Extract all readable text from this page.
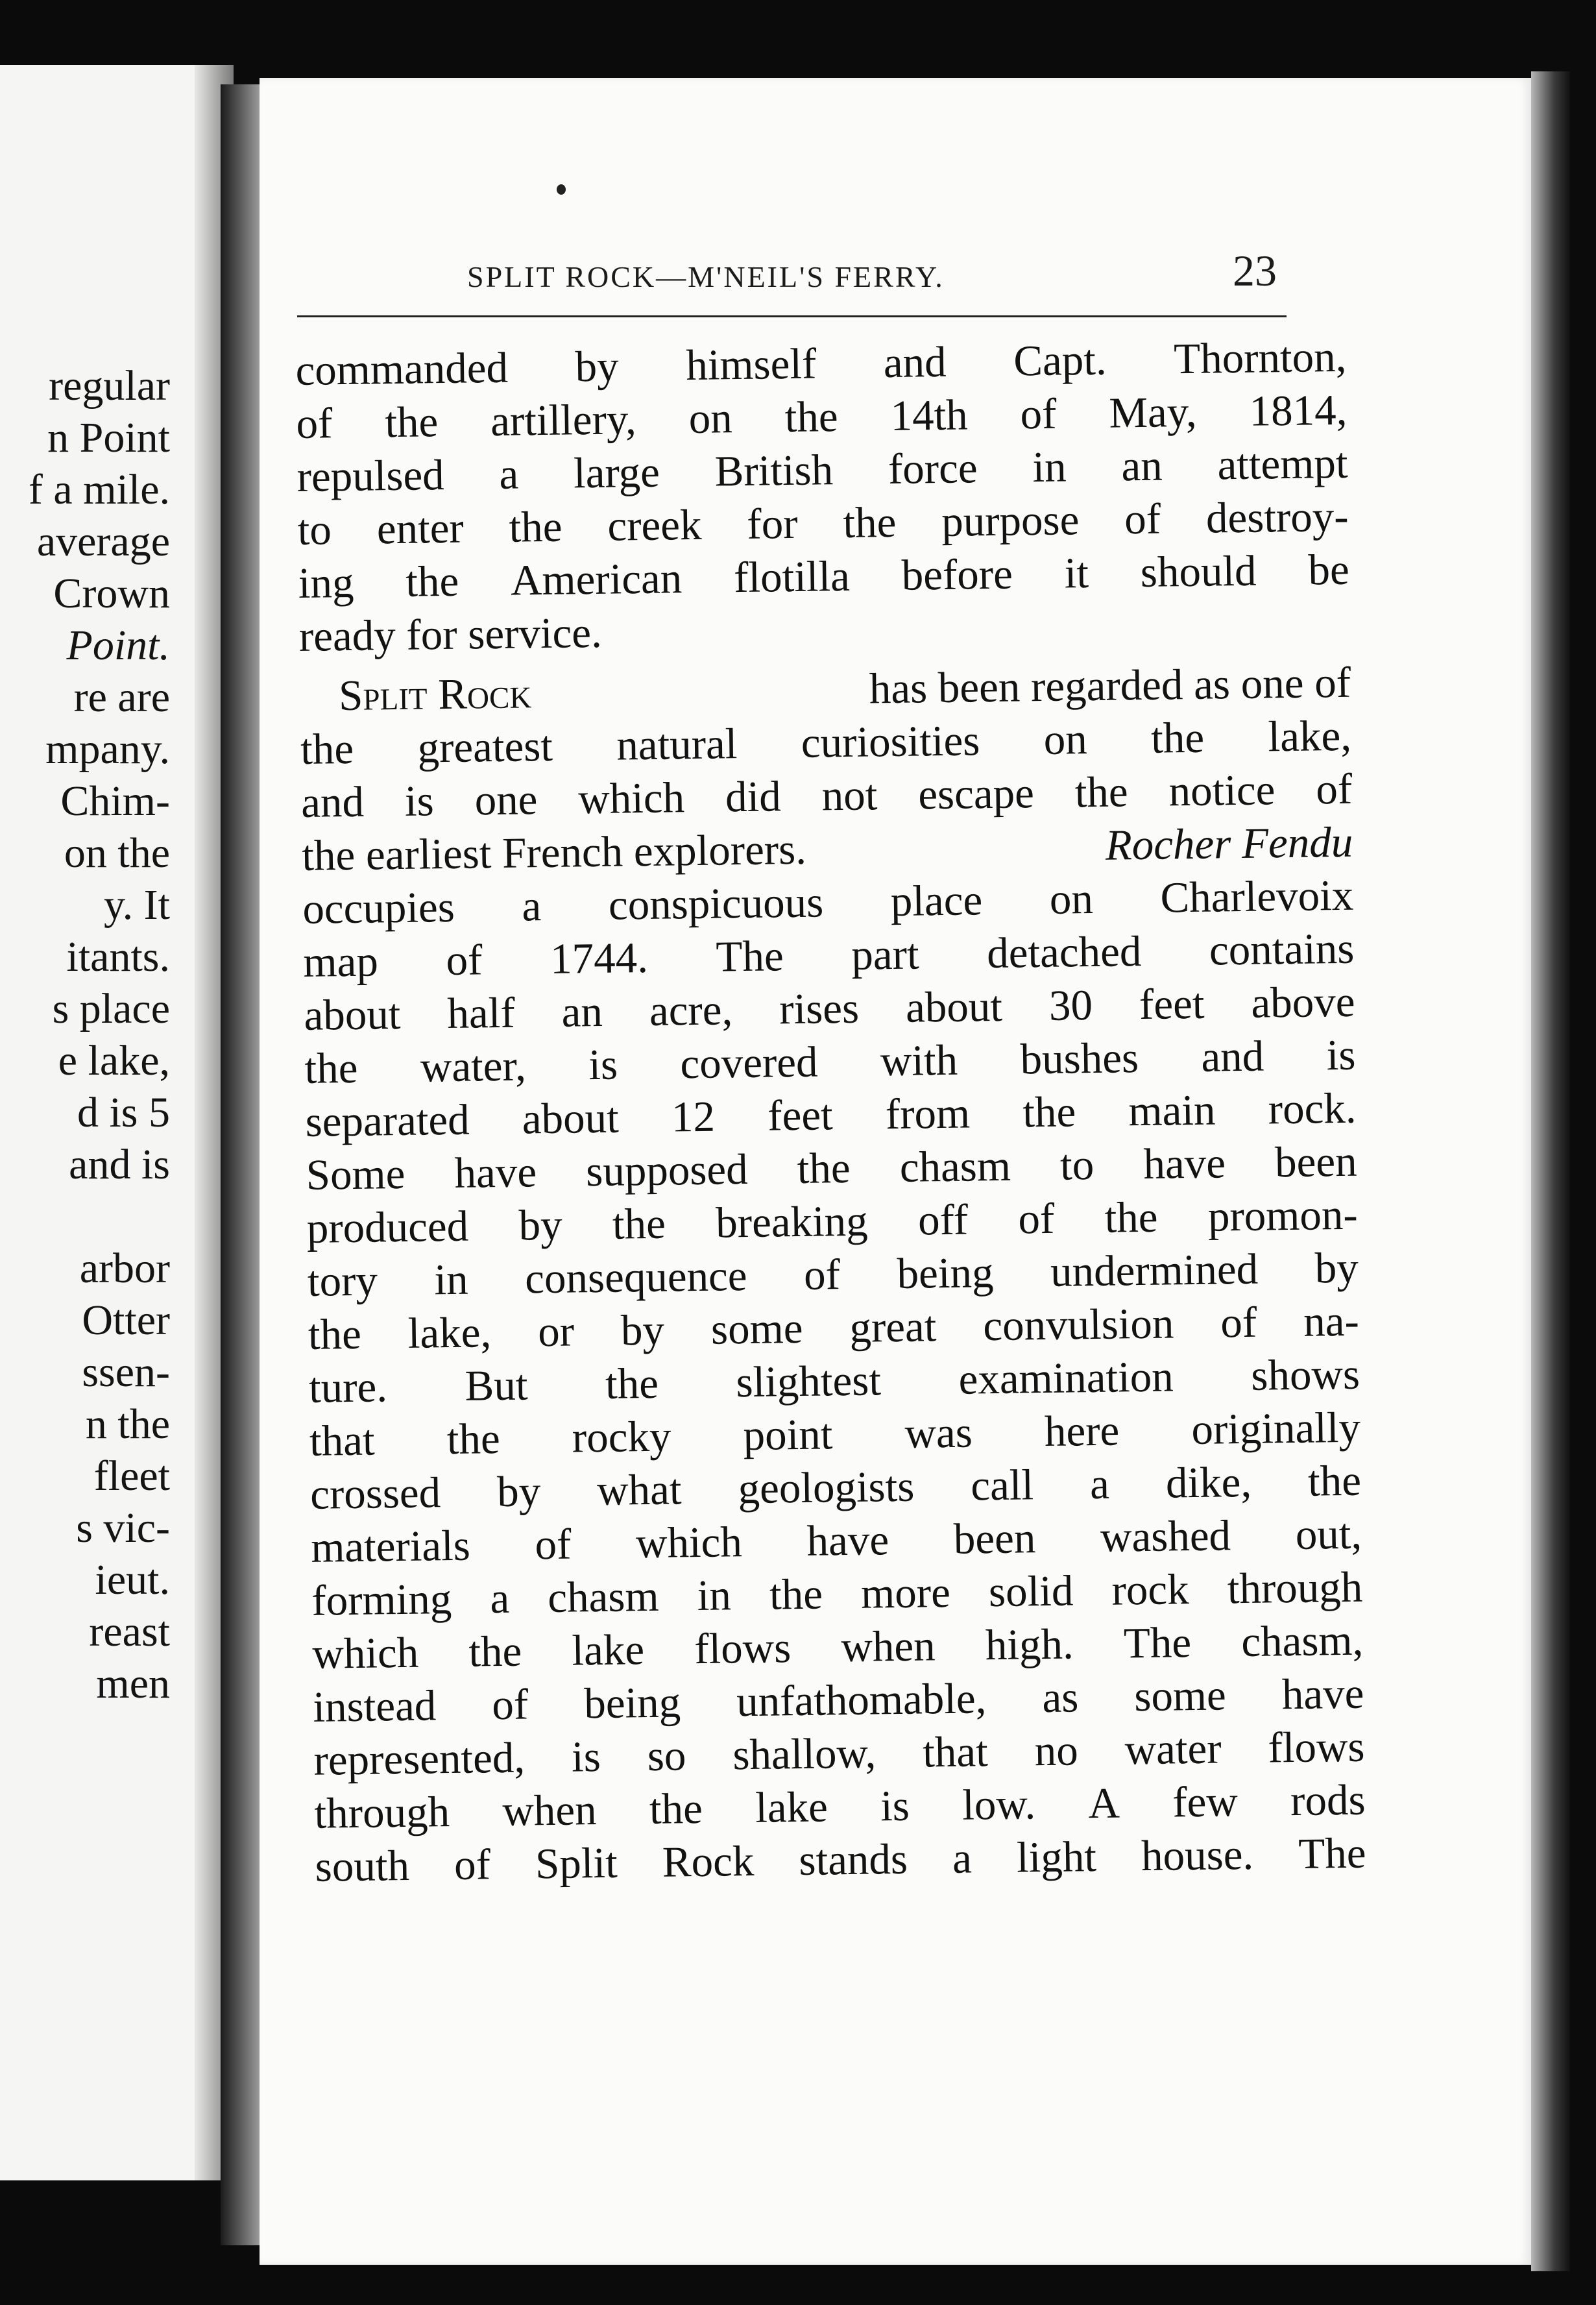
regular
n Point
f a mile.
average
Crown
Point.
re are
mpany.
Chim-
on the
y. It
itants.
s place
e lake,
d is 5
and is
arbor
Otter
ssen-
n the
fleet
s vic-
ieut.
reast
men
SPLIT ROCK—M'NEIL'S FERRY.	23
commanded by himself and Capt. Thornton,
of the artillery, on the 14th of May, 1814,
repulsed a large British force in an attempt
to enter the creek for the purpose of destroy-
ing the American flotilla before it should be
ready for service.
Split Rock	has been regarded as one of
the greatest natural curiosities on the lake,
and is one which did not escape the notice of
the earliest French explorers.	Rocher Fendu
occupies a conspicuous place on Charlevoix
map of 1744. The part detached contains
about half an acre, rises about 30 feet above
the water, is covered with bushes and is
separated about 12 feet from the main rock.
Some have supposed the chasm to have been
produced by the breaking off of the promon-
tory in consequence of being undermined by
the lake, or by some great convulsion of na-
ture. But the slightest examination shows
that the rocky point was here originally
crossed by what geologists call a dike, the
materials of which have been washed out,
forming a chasm in the more solid rock through
which the lake flows when high. The chasm,
instead of being unfathomable, as some have
represented, is so shallow, that no water flows
through when the lake is low. A few rods
south of Split Rock stands a light house. The
